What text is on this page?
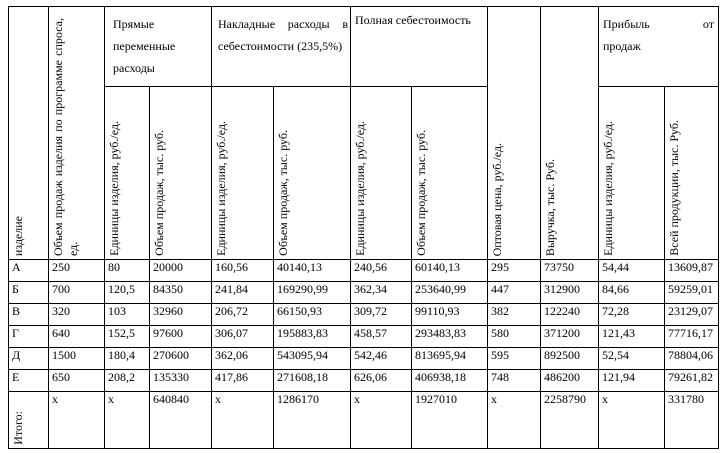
изделие	Объем продаж изделия по программе спроса, ед.	Прямые переменные расходы		Накладные расходы в себестоимости (235,5%)		Полная себестоимость		Оптовая цена, руб./ед.	Выручка, тыс. Руб.	Прибыль от
продаж	

		Единицы изделия, руб./ед.	Объем продаж, тыс. руб.	Единицы изделия, руб./ед.	Объем продаж, тыс. руб.	Единицы изделия, руб./ед.	Объем продаж, тыс. руб.			Единицы изделия, руб./ед.	Всей продукции, тыс. Руб.

А	250	80	20000	160,56	40140,13	240,56	60140,13	295	73750	54,44	13609,87
Б	700	120,5	84350	241,84	169290,99	362,34	253640,99	447	312900	84,66	59259,01
В	320	103	32960	206,72	66150,93	309,72	99110,93	382	122240	72,28	23129,07
Г	640	152,5	97600	306,07	195883,83	458,57	293483,83	580	371200	121,43	77716,17
Д	1500	180,4	270600	362,06	543095,94	542,46	813695,94	595	892500	52,54	78804,06
Е	650	208,2	135330	417,86	271608,18	626,06	406938,18	748	486200	121,94	79261,82

Итого:	x	x	640840	x	1286170	x	1927010	x	2258790	x	331780
